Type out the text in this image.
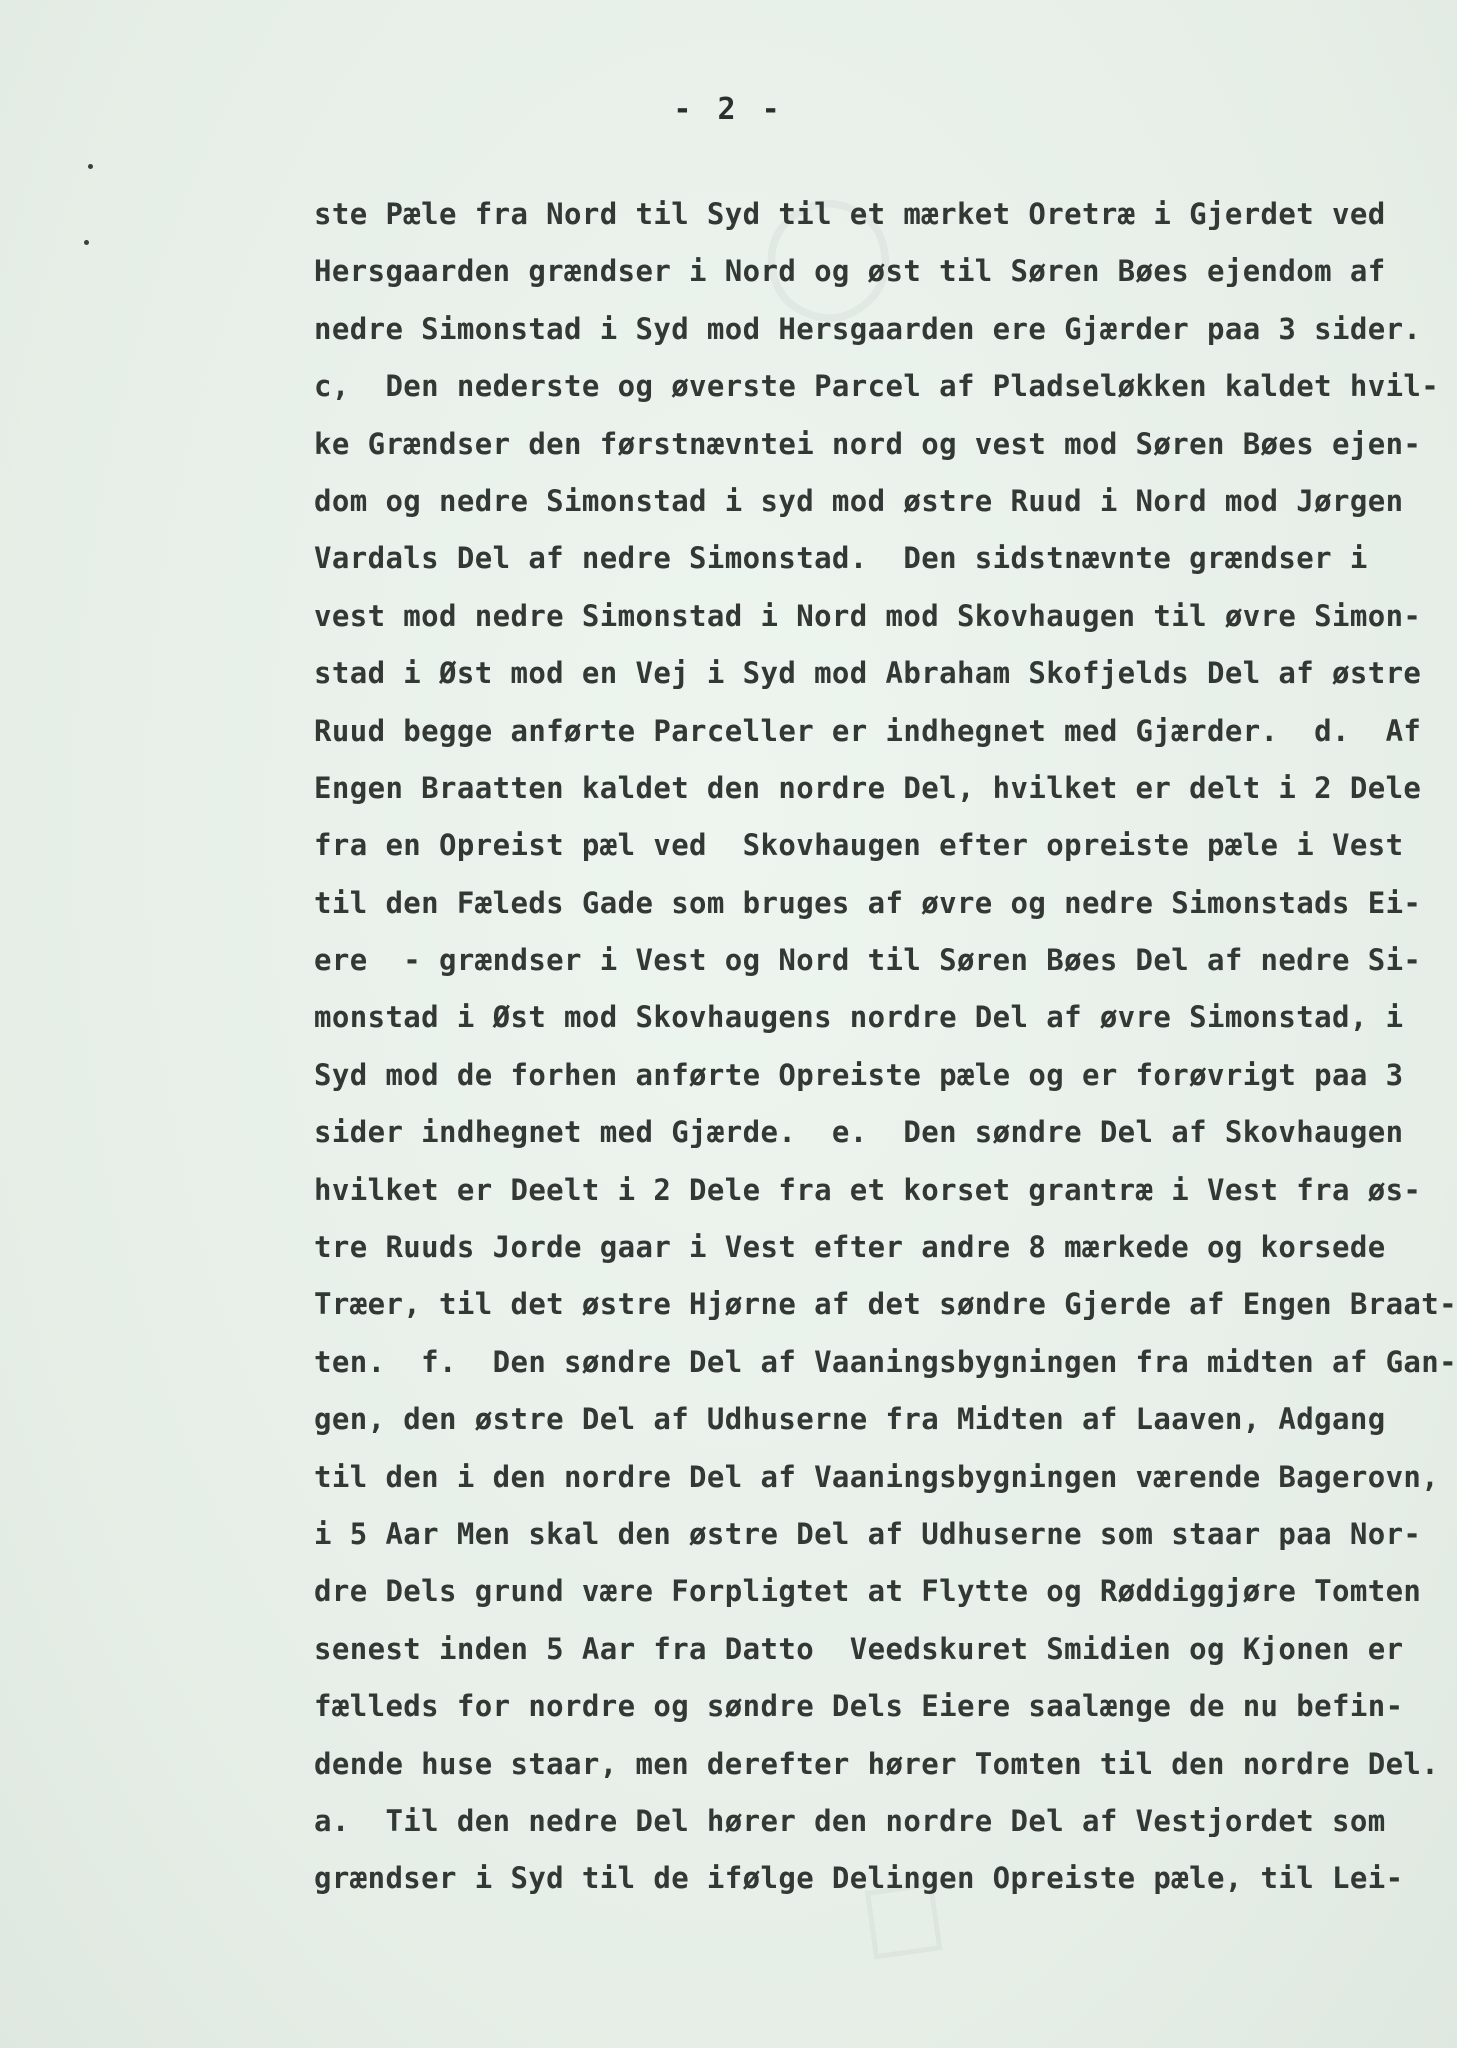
◯
□
- 2 -
ste Pæle fra Nord til Syd til et mærket Oretræ i Gjerdet ved
Hersgaarden grændser i Nord og øst til Søren Bøes ejendom af
nedre Simonstad i Syd mod Hersgaarden ere Gjærder paa 3 sider.
c,  Den nederste og øverste Parcel af Pladseløkken kaldet hvil-
ke Grændser den førstnævntei nord og vest mod Søren Bøes ejen-
dom og nedre Simonstad i syd mod østre Ruud i Nord mod Jørgen
Vardals Del af nedre Simonstad.  Den sidstnævnte grændser i
vest mod nedre Simonstad i Nord mod Skovhaugen til øvre Simon-
stad i Øst mod en Vej i Syd mod Abraham Skofjelds Del af østre
Ruud begge anførte Parceller er indhegnet med Gjærder.  d.  Af
Engen Braatten kaldet den nordre Del, hvilket er delt i 2 Dele
fra en Opreist pæl ved  Skovhaugen efter opreiste pæle i Vest
til den Fæleds Gade som bruges af øvre og nedre Simonstads Ei-
ere  - grændser i Vest og Nord til Søren Bøes Del af nedre Si-
monstad i Øst mod Skovhaugens nordre Del af øvre Simonstad, i
Syd mod de forhen anførte Opreiste pæle og er forøvrigt paa 3
sider indhegnet med Gjærde.  e.  Den søndre Del af Skovhaugen
hvilket er Deelt i 2 Dele fra et korset grantræ i Vest fra øs-
tre Ruuds Jorde gaar i Vest efter andre 8 mærkede og korsede
Træer, til det østre Hjørne af det søndre Gjerde af Engen Braat-
ten.  f.  Den søndre Del af Vaaningsbygningen fra midten af Gan-
gen, den østre Del af Udhuserne fra Midten af Laaven, Adgang
til den i den nordre Del af Vaaningsbygningen værende Bagerovn,
i 5 Aar Men skal den østre Del af Udhuserne som staar paa Nor-
dre Dels grund være Forpligtet at Flytte og Røddiggjøre Tomten
senest inden 5 Aar fra Datto  Veedskuret Smidien og Kjonen er
fælleds for nordre og søndre Dels Eiere saalænge de nu befin-
dende huse staar, men derefter hører Tomten til den nordre Del.
a.  Til den nedre Del hører den nordre Del af Vestjordet som
grændser i Syd til de ifølge Delingen Opreiste pæle, til Lei-
